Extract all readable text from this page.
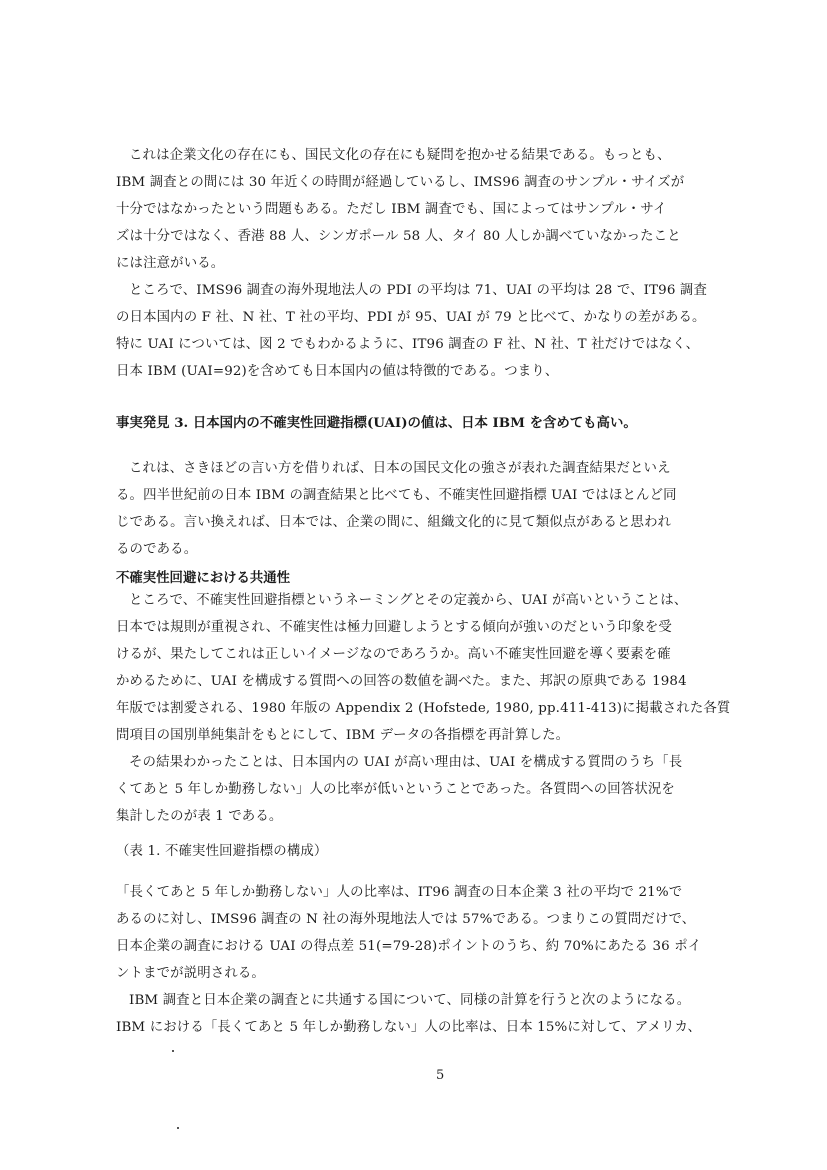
これは企業文化の存在にも、国民文化の存在にも疑問を抱かせる結果である。もっとも、
IBM 調査との間には 30 年近くの時間が経過しているし、IMS96 調査のサンプル・サイズが
十分ではなかったという問題もある。ただし IBM 調査でも、国によってはサンプル・サイ
ズは十分ではなく、香港 88 人、シンガポール 58 人、タイ 80 人しか調べていなかったこと
には注意がいる。
ところで、IMS96 調査の海外現地法人の PDI の平均は 71、UAI の平均は 28 で、IT96 調査
の日本国内の F 社、N 社、T 社の平均、PDI が 95、UAI が 79 と比べて、かなりの差がある。
特に UAI については、図 2 でもわかるように、IT96 調査の F 社、N 社、T 社だけではなく、
日本 IBM (UAI=92)を含めても日本国内の値は特徴的である。つまり、
事実発見 3. 日本国内の不確実性回避指標(UAI)の値は、日本 IBM を含めても高い。
これは、さきほどの言い方を借りれば、日本の国民文化の強さが表れた調査結果だといえ
る。四半世紀前の日本 IBM の調査結果と比べても、不確実性回避指標 UAI ではほとんど同
じである。言い換えれば、日本では、企業の間に、組織文化的に見て類似点があると思われ
るのである。
不確実性回避における共通性
ところで、不確実性回避指標というネーミングとその定義から、UAI が高いということは、
日本では規則が重視され、不確実性は極力回避しようとする傾向が強いのだという印象を受
けるが、果たしてこれは正しいイメージなのであろうか。高い不確実性回避を導く要素を確
かめるために、UAI を構成する質問への回答の数値を調べた。また、邦訳の原典である 1984
年版では割愛される、1980 年版の Appendix 2 (Hofstede, 1980, pp.411-413)に掲載された各質
問項目の国別単純集計をもとにして、IBM データの各指標を再計算した。
その結果わかったことは、日本国内の UAI が高い理由は、UAI を構成する質問のうち「長
くてあと 5 年しか勤務しない」人の比率が低いということであった。各質問への回答状況を
集計したのが表 1 である。
（表 1. 不確実性回避指標の構成）
「長くてあと 5 年しか勤務しない」人の比率は、IT96 調査の日本企業 3 社の平均で 21%で
あるのに対し、IMS96 調査の N 社の海外現地法人では 57%である。つまりこの質問だけで、
日本企業の調査における UAI の得点差 51(=79-28)ポイントのうち、約 70%にあたる 36 ポイ
ントまでが説明される。
IBM 調査と日本企業の調査とに共通する国について、同様の計算を行うと次のようになる。
IBM における「長くてあと 5 年しか勤務しない」人の比率は、日本 15%に対して、アメリカ、
5
